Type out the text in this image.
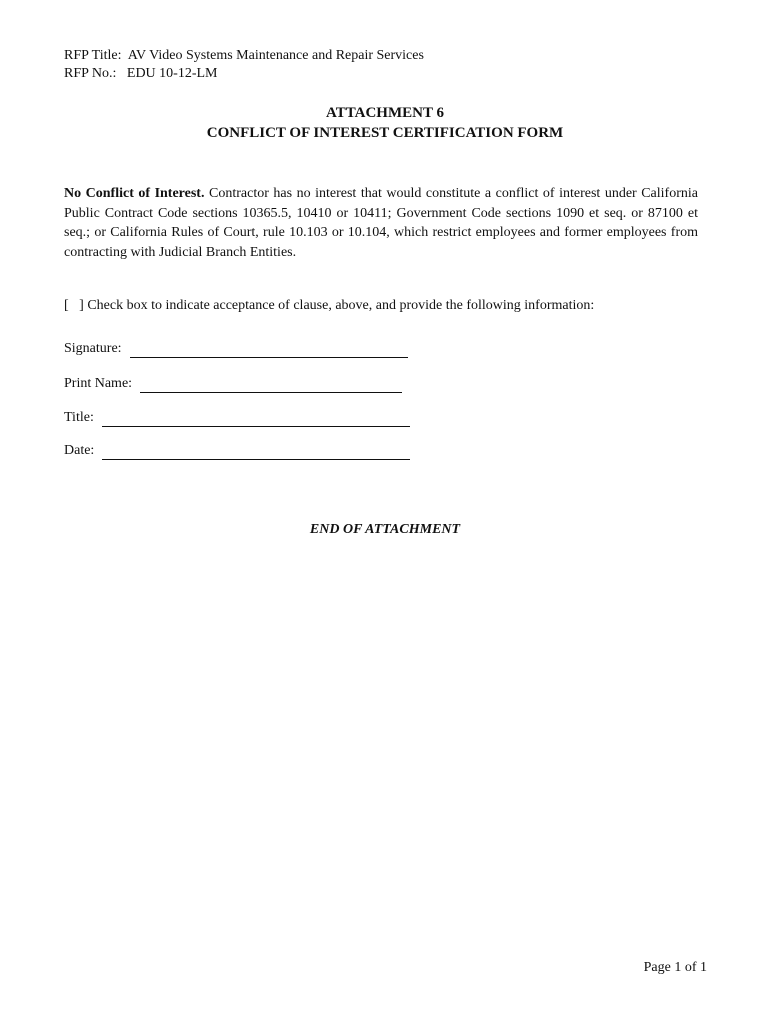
RFP Title: AV Video Systems Maintenance and Repair Services
RFP No.: EDU 10-12-LM
ATTACHMENT 6
CONFLICT OF INTEREST CERTIFICATION FORM
No Conflict of Interest. Contractor has no interest that would constitute a conflict of interest under California Public Contract Code sections 10365.5, 10410 or 10411; Government Code sections 1090 et seq. or 87100 et seq.; or California Rules of Court, rule 10.103 or 10.104, which restrict employees and former employees from contracting with Judicial Branch Entities.
[   ] Check box to indicate acceptance of clause, above, and provide the following information:
Signature:
Print Name:
Title:
Date:
END OF ATTACHMENT
Page 1 of 1
